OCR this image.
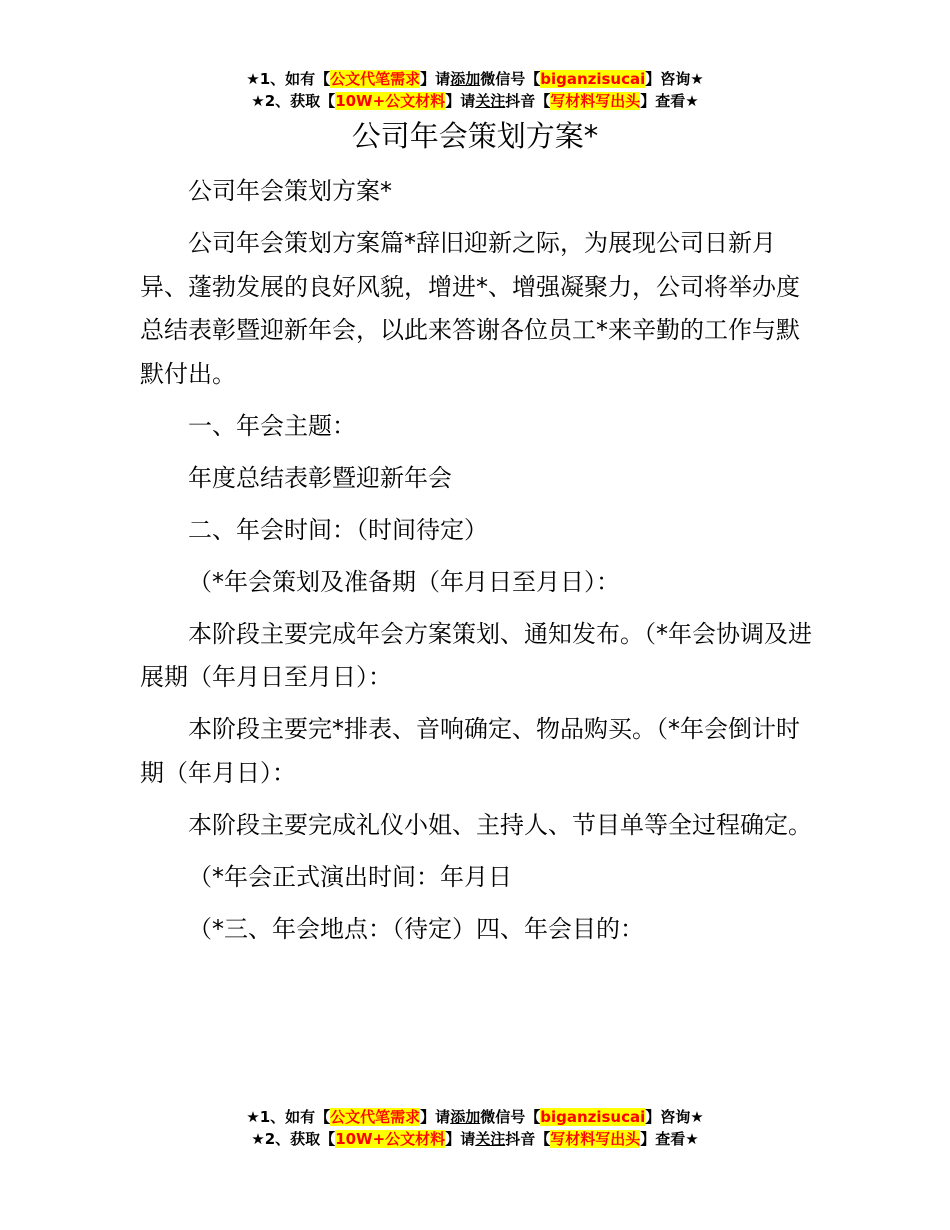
★1、如有【公文代笔需求】请添加微信号【biganzisucai】咨询★
★2、获取【10W+公文材料】请关注抖音【写材料写出头】查看★
公司年会策划方案*

公司年会策划方案*

公司年会策划方案篇*辞旧迎新之际，为展现公司日新月异、蓬勃发展的良好风貌，增进*、增强凝聚力，公司将举办度总结表彰暨迎新年会，以此来答谢各位员工*来辛勤的工作与默默付出。

一、年会主题：

年度总结表彰暨迎新年会

二、年会时间：（时间待定）

（*年会策划及准备期（年月日至月日）：

本阶段主要完成年会方案策划、通知发布。（*年会协调及进展期（年月日至月日）：

本阶段主要完*排表、音响确定、物品购买。（*年会倒计时期（年月日）：

本阶段主要完成礼仪小姐、主持人、节目单等全过程确定。

（*年会正式演出时间：年月日

（*三、年会地点：（待定）四、年会目的：

★1、如有【公文代笔需求】请添加微信号【biganzisucai】咨询★
★2、获取【10W+公文材料】请关注抖音【写材料写出头】查看★
